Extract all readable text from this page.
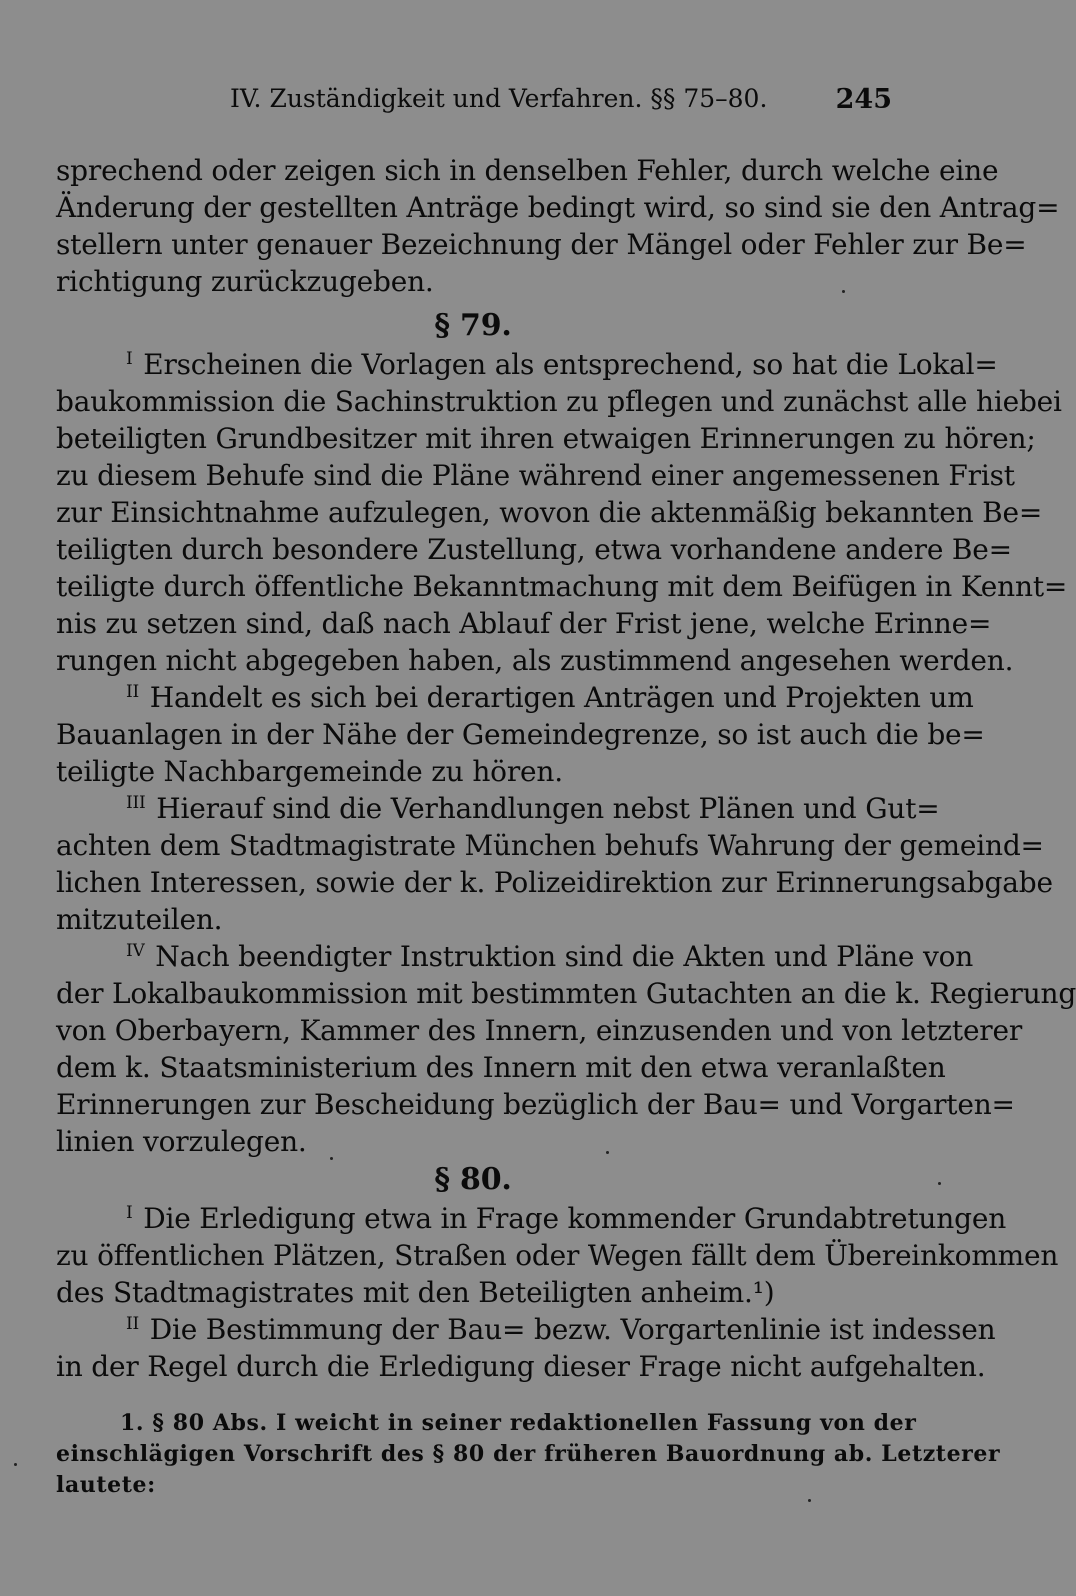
IV. Zuständigkeit und Verfahren. §§ 75–80.	245
sprechend oder zeigen sich in denselben Fehler, durch welche eine
Änderung der gestellten Anträge bedingt wird, so sind sie den Antrag=
stellern unter genauer Bezeichnung der Mängel oder Fehler zur Be=
richtigung zurückzugeben.
§ 79.
$^I$ Erscheinen die Vorlagen als entsprechend, so hat die Lokal=
baukommission die Sachinstruktion zu pflegen und zunächst alle hiebei
beteiligten Grundbesitzer mit ihren etwaigen Erinnerungen zu hören;
zu diesem Behufe sind die Pläne während einer angemessenen Frist
zur Einsichtnahme aufzulegen, wovon die aktenmäßig bekannten Be=
teiligten durch besondere Zustellung, etwa vorhandene andere Be=
teiligte durch öffentliche Bekanntmachung mit dem Beifügen in Kennt=
nis zu setzen sind, daß nach Ablauf der Frist jene, welche Erinne=
rungen nicht abgegeben haben, als zustimmend angesehen werden.
$^{II}$ Handelt es sich bei derartigen Anträgen und Projekten um
Bauanlagen in der Nähe der Gemeindegrenze, so ist auch die be=
teiligte Nachbargemeinde zu hören.
$^{III}$ Hierauf sind die Verhandlungen nebst Plänen und Gut=
achten dem Stadtmagistrate München behufs Wahrung der gemeind=
lichen Interessen, sowie der k. Polizeidirektion zur Erinnerungsabgabe
mitzuteilen.
$^{IV}$ Nach beendigter Instruktion sind die Akten und Pläne von
der Lokalbaukommission mit bestimmten Gutachten an die k. Regierung
von Oberbayern, Kammer des Innern, einzusenden und von letzterer
dem k. Staatsministerium des Innern mit den etwa veranlaßten
Erinnerungen zur Bescheidung bezüglich der Bau= und Vorgarten=
linien vorzulegen.
§ 80.
$^I$ Die Erledigung etwa in Frage kommender Grundabtretungen
zu öffentlichen Plätzen, Straßen oder Wegen fällt dem Übereinkommen
des Stadtmagistrates mit den Beteiligten anheim.¹)
$^{II}$ Die Bestimmung der Bau= bezw. Vorgartenlinie ist indessen
in der Regel durch die Erledigung dieser Frage nicht aufgehalten.
1. § 80 Abs. I weicht in seiner redaktionellen Fassung von der
einschlägigen Vorschrift des § 80 der früheren Bauordnung ab. Letzterer
lautete:
